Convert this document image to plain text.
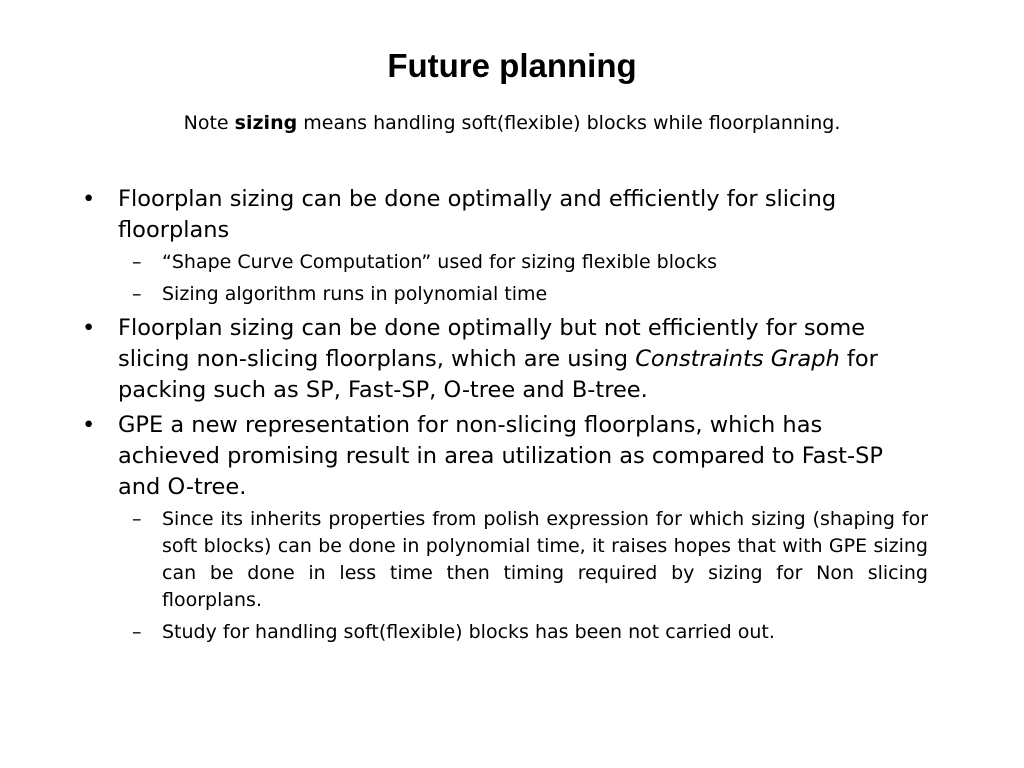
Future planning

Note sizing means handling soft(flexible) blocks while floorplanning.

• Floorplan sizing can be done optimally and efficiently for slicing floorplans
–	“Shape Curve Computation” used for sizing flexible blocks
–	Sizing algorithm runs in polynomial time
• Floorplan sizing can be done optimally but not efficiently for some slicing non-slicing floorplans, which are using Constraints Graph for packing such as SP, Fast-SP, O-tree and B-tree.
• GPE a new representation for non-slicing floorplans, which has achieved promising result in area utilization as compared to Fast-SP and O-tree.
–	Since its inherits properties from polish expression for which sizing (shaping for soft blocks) can be done in polynomial time, it raises hopes that with GPE sizing can be done in less time then timing required by sizing for Non slicing floorplans.
–	Study for handling soft(flexible) blocks has been not carried out.
